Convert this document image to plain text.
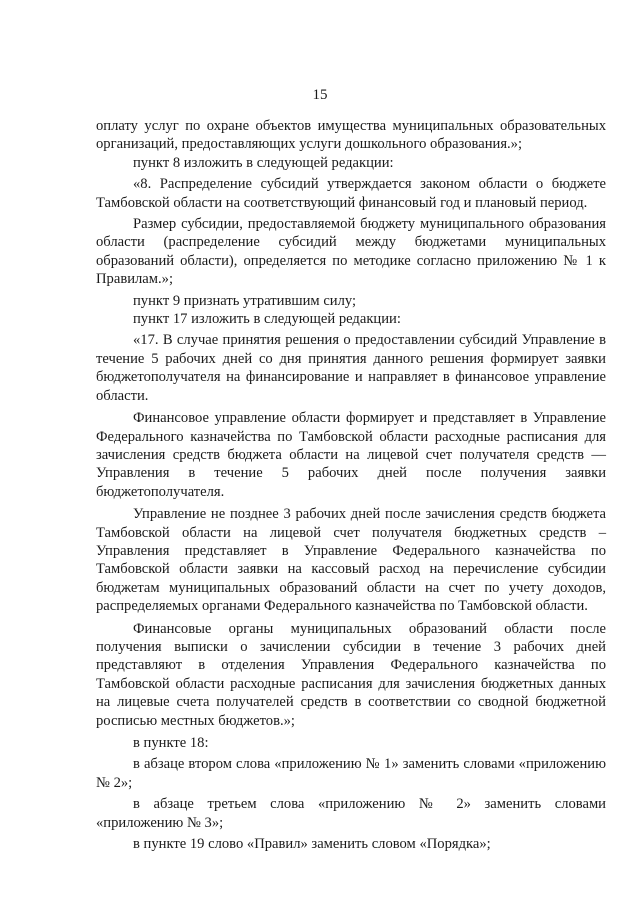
15

оплату услуг по охране объектов имущества муниципальных образовательных организаций, предоставляющих услуги дошкольного образования.»;

пункт 8 изложить в следующей редакции:

«8. Распределение субсидий утверждается законом области о бюджете Тамбовской области на соответствующий финансовый год и плановый период.

Размер субсидии, предоставляемой бюджету муниципального образования области (распределение субсидий между бюджетами муниципальных образований области), определяется по методике согласно приложению № 1 к Правилам.»;

пункт 9 признать утратившим силу;

пункт 17 изложить в следующей редакции:

«17. В случае принятия решения о предоставлении субсидий Управление в течение 5 рабочих дней со дня принятия данного решения формирует заявки бюджетополучателя на финансирование и направляет в финансовое управление области.

Финансовое управление области формирует и представляет в Управление Федерального казначейства по Тамбовской области расходные расписания для зачисления средств бюджета области на лицевой счет получателя средств — Управления в течение 5 рабочих дней после получения заявки бюджетополучателя.

Управление не позднее 3 рабочих дней после зачисления средств бюджета Тамбовской области на лицевой счет получателя бюджетных средств – Управления представляет в Управление Федерального казначейства по Тамбовской области заявки на кассовый расход на перечисление субсидии бюджетам муниципальных образований области на счет по учету доходов, распределяемых органами Федерального казначейства по Тамбовской области.

Финансовые органы муниципальных образований области после получения выписки о зачислении субсидии в течение 3 рабочих дней представляют в отделения Управления Федерального казначейства по Тамбовской области расходные расписания для зачисления бюджетных данных на лицевые счета получателей средств в соответствии со сводной бюджетной росписью местных бюджетов.»;

в пункте 18:

в абзаце втором слова «приложению № 1» заменить словами «приложению № 2»;

в абзаце третьем слова «приложению № 2» заменить словами «приложению № 3»;

в пункте 19 слово «Правил» заменить словом «Порядка»;
